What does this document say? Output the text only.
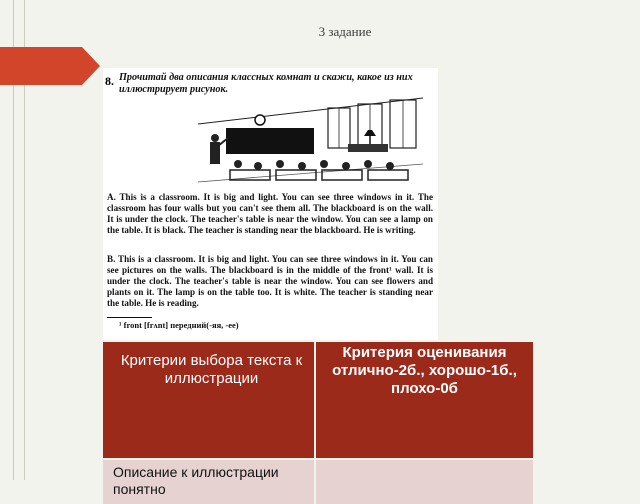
3 задание
8. Прочитай два описания классных комнат и скажи, какое из них иллюстрирует рисунок.

A. This is a classroom. It is big and light. You can see three windows in it. The classroom has four walls but you can't see them all. The blackboard is on the wall. It is under the clock. The teacher's table is near the window. You can see a lamp on the table. It is black. The teacher is standing near the blackboard. He is writing.

B. This is a classroom. It is big and light. You can see three windows in it. You can see pictures on the walls. The blackboard is in the middle of the front¹ wall. It is under the clock. The teacher's table is near the window. You can see flowers and plants on it. The lamp is on the table too. It is white. The teacher is standing near the table. He is reading.

¹ front [frʌnt] передний(-яя, -ее)
Критерии выбора текста к иллюстрации	Критерия оценивания отлично-2б., хорошо-1б., плохо-0б
Описание к иллюстрации понятно	
